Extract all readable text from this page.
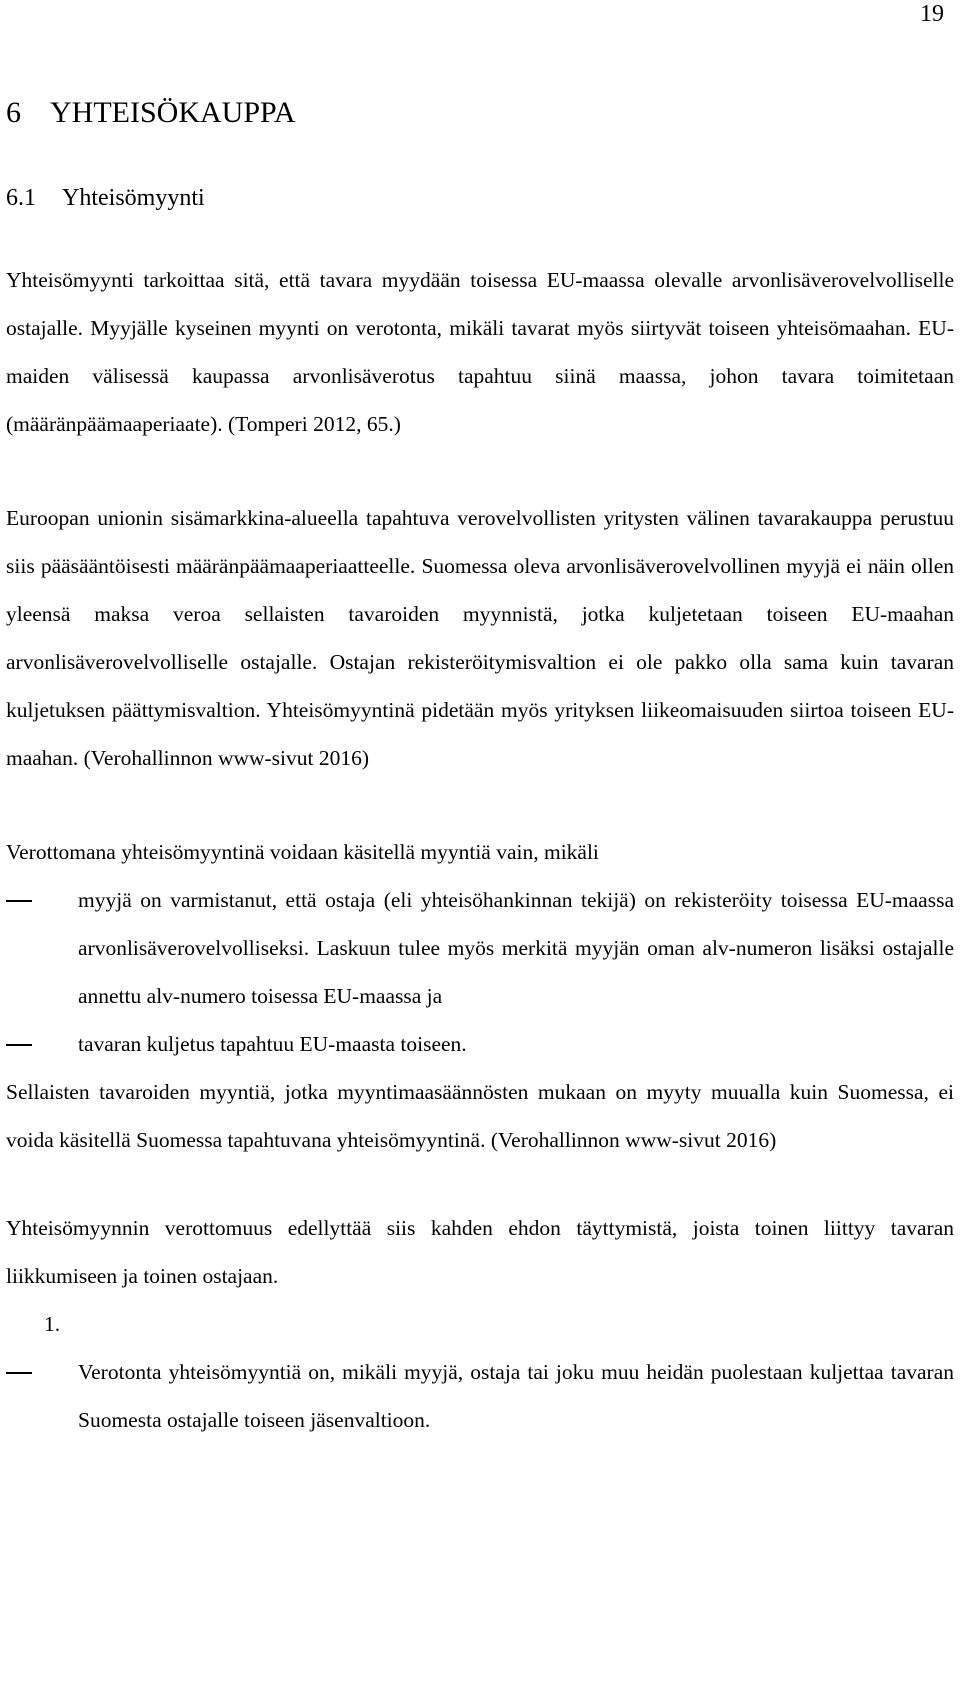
19
6 YHTEISÖKAUPPA
6.1 Yhteisömyynti

Yhteisömyynti tarkoittaa sitä, että tavara myydään toisessa EU-maassa olevalle arvonlisäverovelvolliselle ostajalle. Myyjälle kyseinen myynti on verotonta, mikäli tavarat myös siirtyvät toiseen yhteisömaahan. EU-maiden välisessä kaupassa arvonlisäverotus tapahtuu siinä maassa, johon tavara toimitetaan (määränpäämaaperiaate). (Tomperi 2012, 65.)

Euroopan unionin sisämarkkina-alueella tapahtuva verovelvollisten yritysten välinen tavarakauppa perustuu siis pääsääntöisesti määränpäämaaperiaatteelle. Suomessa oleva arvonlisäverovelvollinen myyjä ei näin ollen yleensä maksa veroa sellaisten tavaroiden myynnistä, jotka kuljetetaan toiseen EU-maahan arvonlisäverovelvolliselle ostajalle. Ostajan rekisteröitymisvaltion ei ole pakko olla sama kuin tavaran kuljetuksen päättymisvaltion. Yhteisömyyntinä pidetään myös yrityksen liikeomaisuuden siirtoa toiseen EU-maahan. (Verohallinnon www-sivut 2016)

Verottomana yhteisömyyntinä voidaan käsitellä myyntiä vain, mikäli

myyjä on varmistanut, että ostaja (eli yhteisöhankinnan tekijä) on rekisteröity toisessa EU-maassa arvonlisäverovelvolliseksi. Laskuun tulee myös merkitä myyjän oman alv-numeron lisäksi ostajalle annettu alv-numero toisessa EU-maassa ja
tavaran kuljetus tapahtuu EU-maasta toiseen.

Sellaisten tavaroiden myyntiä, jotka myyntimaasäännösten mukaan on myyty muualla kuin Suomessa, ei voida käsitellä Suomessa tapahtuvana yhteisömyyntinä. (Verohallinnon www-sivut 2016)

Yhteisömyynnin verottomuus edellyttää siis kahden ehdon täyttymistä, joista toinen liittyy tavaran liikkumiseen ja toinen ostajaan.

1.

Verotonta yhteisömyyntiä on, mikäli myyjä, ostaja tai joku muu heidän puolestaan kuljettaa tavaran Suomesta ostajalle toiseen jäsenvaltioon.
